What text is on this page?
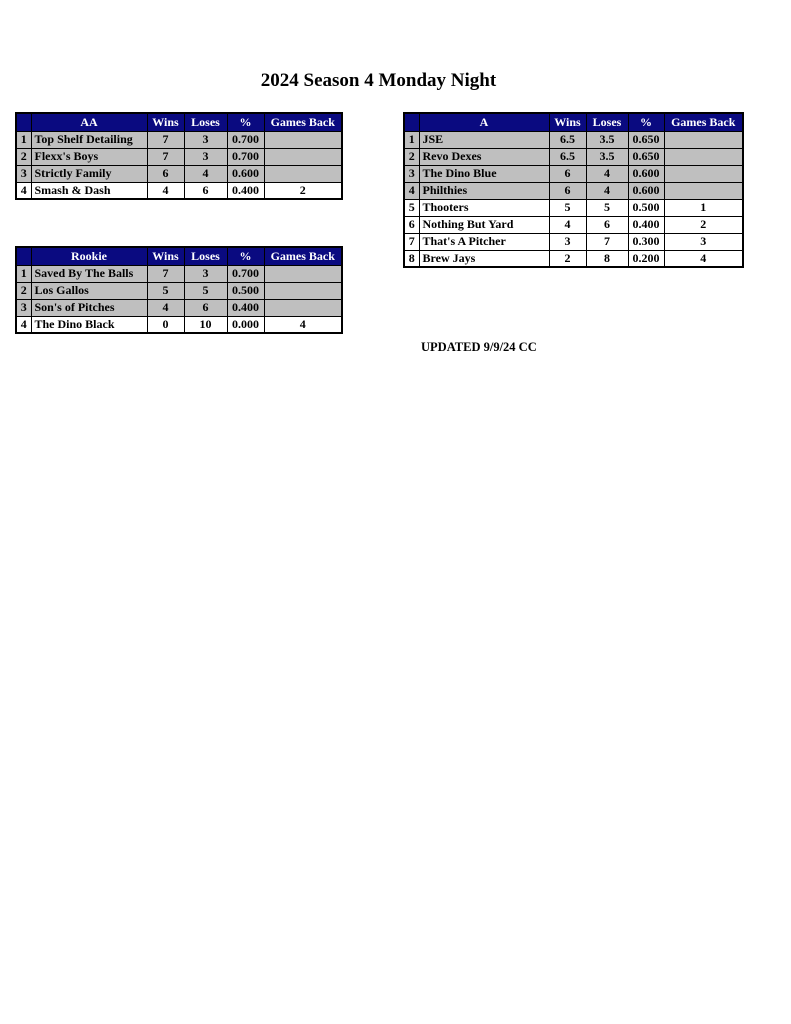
2024 Season 4 Monday Night
	AA	Wins	Loses	%	Games Back
1	Top Shelf Detailing	7	3	0.700	
2	Flexx's Boys	7	3	0.700	
3	Strictly Family	6	4	0.600	
4	Smash & Dash	4	6	0.400	2
	Rookie	Wins	Loses	%	Games Back
1	Saved By The Balls	7	3	0.700	
2	Los Gallos	5	5	0.500	
3	Son's of Pitches	4	6	0.400	
4	The Dino Black	0	10	0.000	4
	A	Wins	Loses	%	Games Back
1	JSE	6.5	3.5	0.650	
2	Revo Dexes	6.5	3.5	0.650	
3	The Dino Blue	6	4	0.600	
4	Philthies	6	4	0.600	
5	Thooters	5	5	0.500	1
6	Nothing But Yard	4	6	0.400	2
7	That's A Pitcher	3	7	0.300	3
8	Brew Jays	2	8	0.200	4
UPDATED 9/9/24 CC
